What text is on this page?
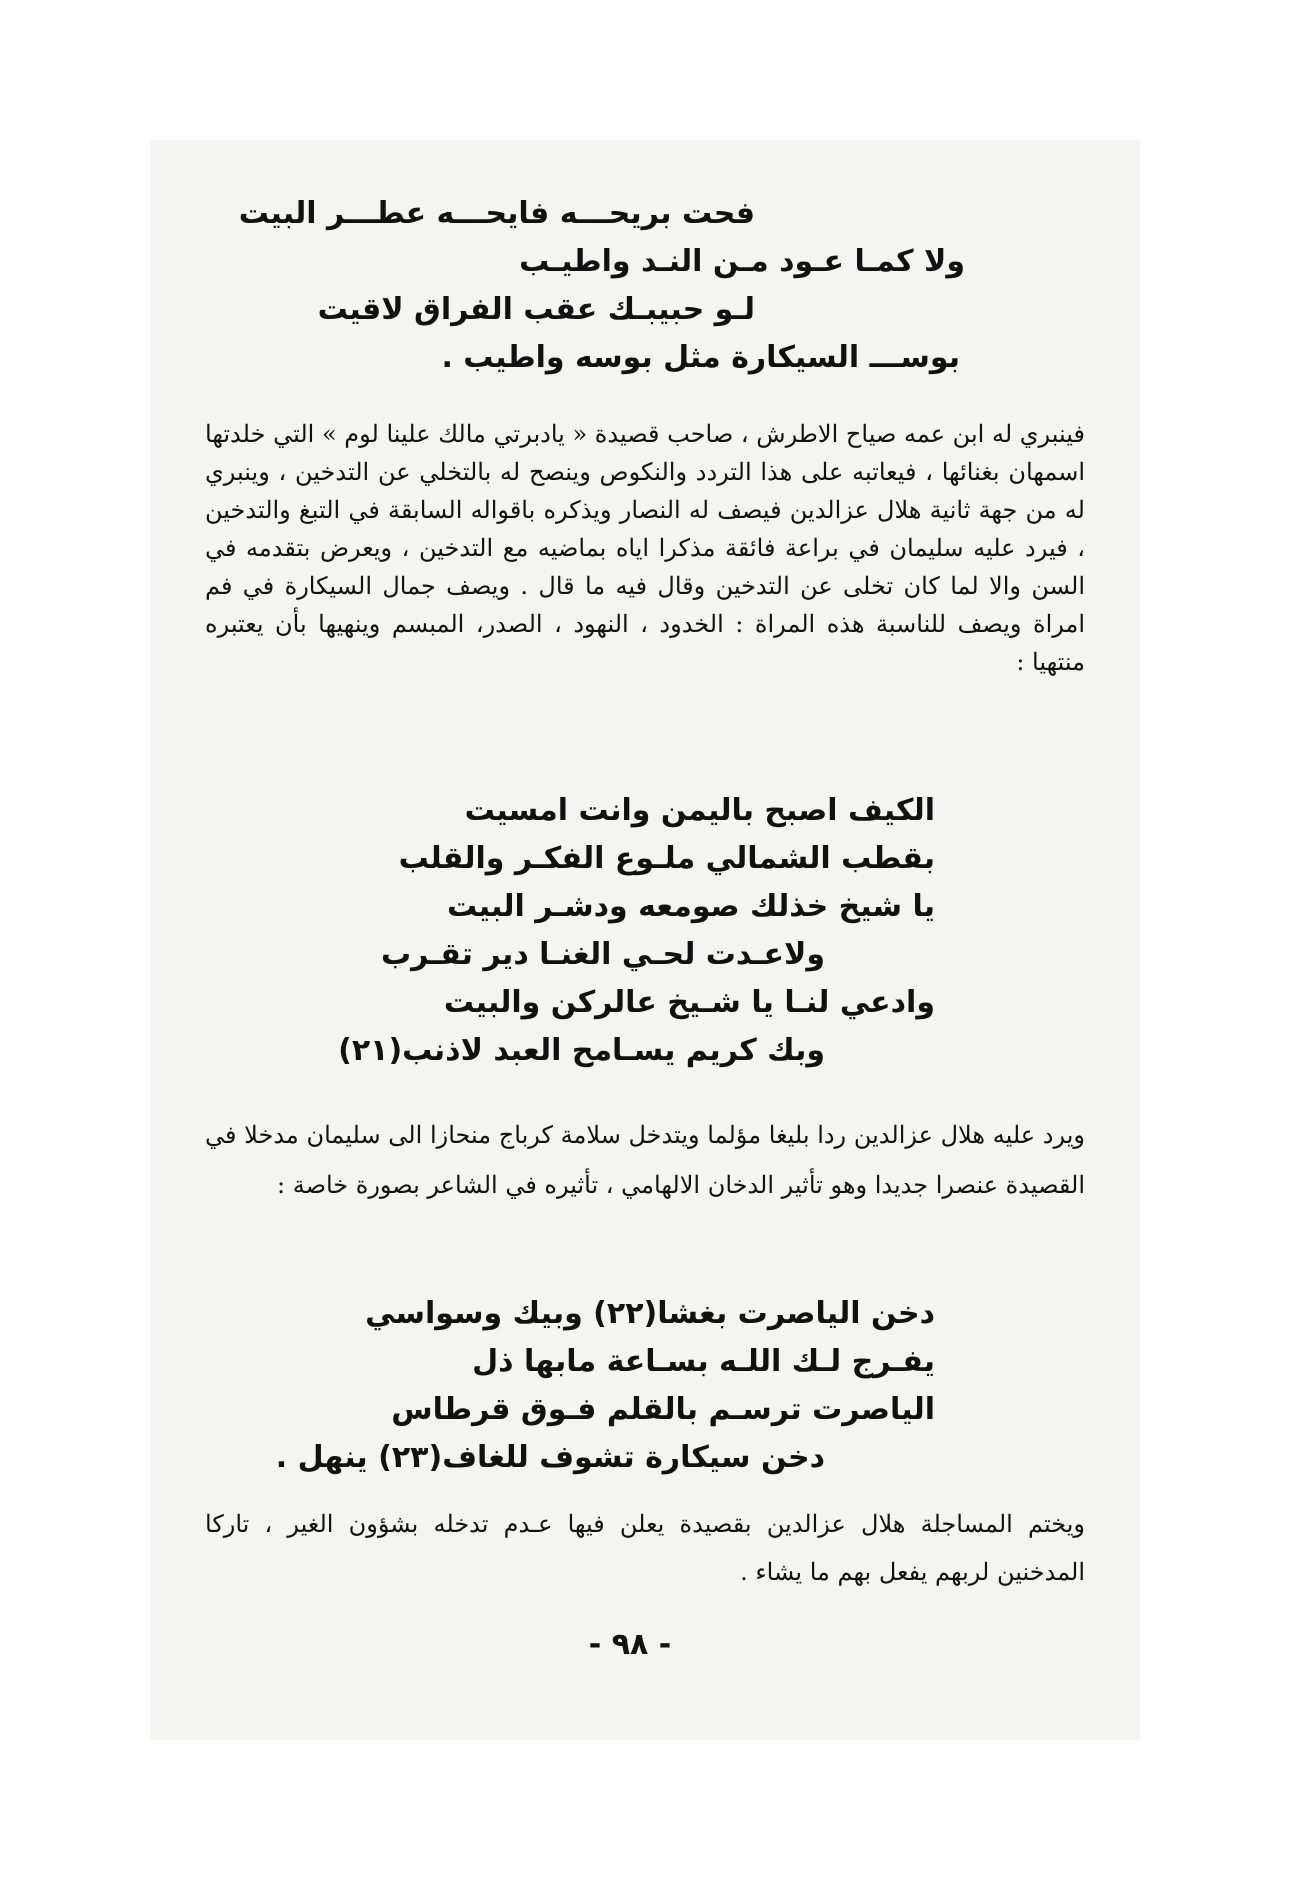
فحت بريحـــه فايحـــه عطـــر البيت
ولا كمـا عـود مـن النـد واطيـب
لـو حبيبـك عقب الفراق لاقيت
بوســـ السيكارة مثل بوسه واطيب .

فينبري له ابن عمه صياح الاطرش ، صاحب قصيدة « يادبرتي مالك علينا لوم » التي خلدتها اسمهان بغنائها ، فيعاتبه على هذا التردد والنكوص وينصح له بالتخلي عن التدخين ، وينبري له من جهة ثانية هلال عزالدين فيصف له النصار ويذكره باقواله السابقة في التبغ والتدخين ، فيرد عليه سليمان في براعة فائقة مذكرا اياه بماضيه مع التدخين ، ويعرض بتقدمه في السن والا لما كان تخلى عن التدخين وقال فيه ما قال . ويصف جمال السيكارة في فم امراة ويصف للناسبة هذه المراة : الخدود ، النهود ، الصدر، المبسم وينهيها بأن يعتبره منتهيا :

الكيف اصبح باليمن وانت امسيت
بقطب الشمالي ملـوع الفكـر والقلب
يا شيخ خذلك صومعه ودشـر البيت
ولاعـدت لحـي الغنـا دير تقـرب
وادعي لنـا يا شـيخ عالركن والبيت
وبك كريم يسـامح العبد لاذنب(٢١)

ويرد عليه هلال عزالدين ردا بليغا مؤلما ويتدخل سلامة كرباج منحازا الى سليمان مدخلا في القصيدة عنصرا جديدا وهو تأثير الدخان الالهامي ، تأثيره في الشاعر بصورة خاصة :

دخن الياصرت بغشا(٢٢) وبيك وسواسي
يفـرج لـك اللـه بسـاعة مابها ذل
الياصرت ترسـم بالقلم فـوق قرطاس
دخن سيكارة تشوف للغاف(٢٣) ينهل .

ويختم المساجلة هلال عزالدين بقصيدة يعلن فيها عـدم تدخله بشؤون الغير ، تاركا المدخنين لربهم يفعل بهم ما يشاء .

- ٩٨ -
